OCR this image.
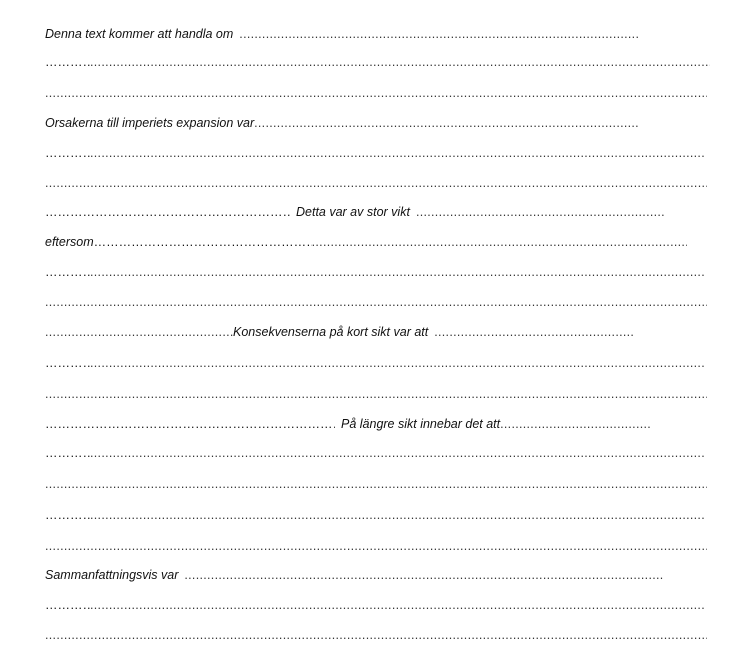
Denna text kommer att handla om.....
……………………………………………………………………………………….....
.....
Orsakerna till imperiets expansion var.....
……………………………………………………………………………………….....
.....
………………………………………………………………………………………Detta var av stor vikt.....
eftersom……………………………………………………………………………………….....
……………………………………………………………………………………….....
.....
.....Konsekvenserna på kort sikt var att.....
……………………………………………………………………………………….....
.....
………………………………………………………………………………………På längre sikt innebar det att.....
……………………………………………………………………………………….....
.....
……………………………………………………………………………………….....
.....
Sammanfattningsvis var.....
……………………………………………………………………………………….....
.....
